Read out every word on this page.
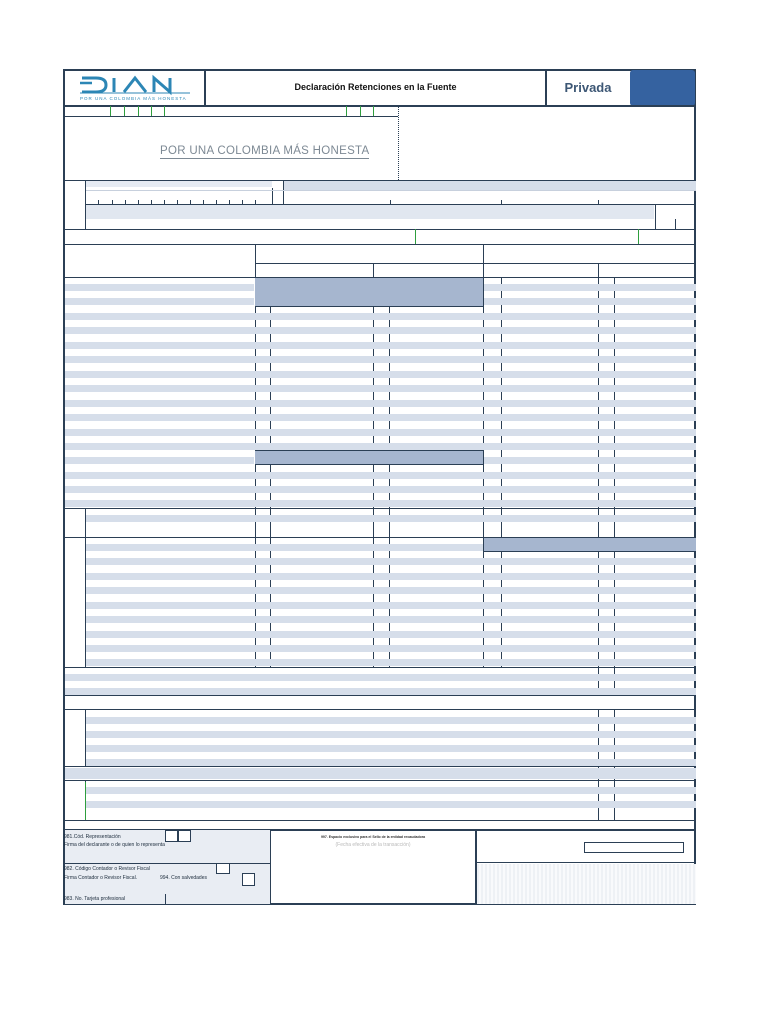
POR UNA COLOMBIA MÁS HONESTA
Declaración Retenciones en la Fuente	Privada
POR UNA COLOMBIA MÁS HONESTA
981.Cód. Representación
Firma del declarante o de quien lo representa
982. Código Contador o Revisor Fiscal
Firma Contador o Revisor Fiscal.	994. Con salvedades
983. No. Tarjeta profesional
997. Espacio exclusivo para el Sello de la entidad recaudadora
(Fecha efectiva de la transacción)
